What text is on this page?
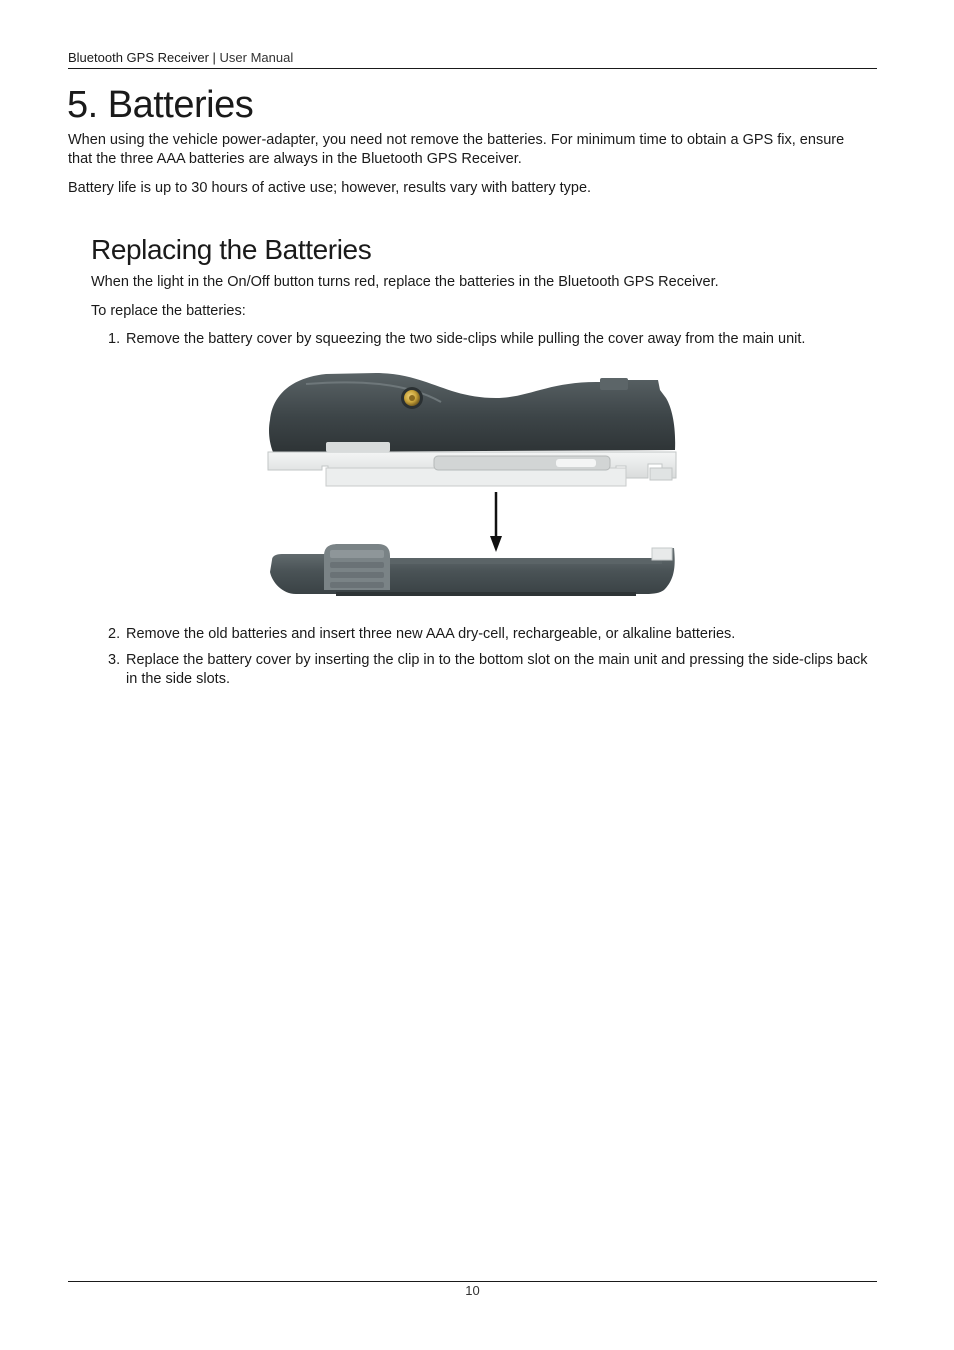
Bluetooth GPS Receiver | User Manual
5. Batteries

When using the vehicle power-adapter, you need not remove the batteries. For minimum time to obtain a GPS fix, ensure that the three AAA batteries are always in the Bluetooth GPS Receiver.

Battery life is up to 30 hours of active use; however, results vary with battery type.

Replacing the Batteries

When the light in the On/Off button turns red, replace the batteries in the Bluetooth GPS Receiver.

To replace the batteries:

1. Remove the battery cover by squeezing the two side-clips while pulling the cover away from the main unit.
2. Remove the old batteries and insert three new AAA dry-cell, rechargeable, or alkaline batteries.
3. Replace the battery cover by inserting the clip in to the bottom slot on the main unit and pressing the side-clips back in the side slots.
10
